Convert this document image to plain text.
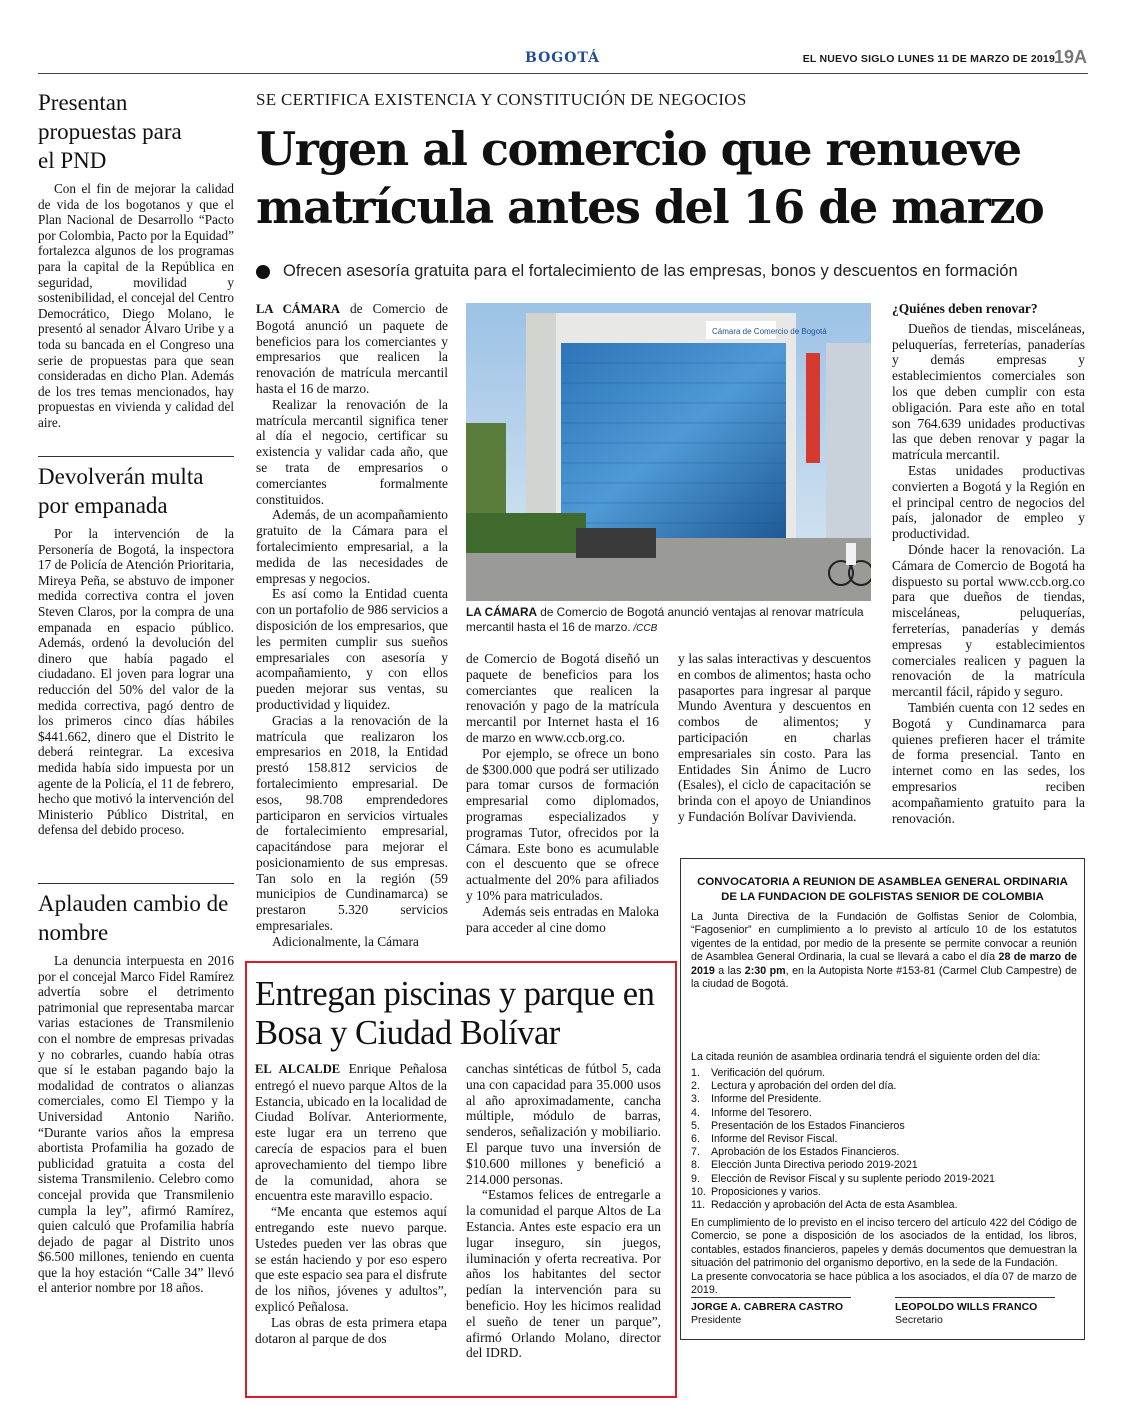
BOGOTÁ	EL NUEVO SIGLO LUNES 11 DE MARZO DE 2019
19A
Presentan propuestas para el PND

Con el fin de mejorar la calidad de vida de los bogotanos y que el Plan Nacional de Desarrollo “Pacto por Colombia, Pacto por la Equidad” fortalezca algunos de los programas para la capital de la República en seguridad, movilidad y sostenibilidad, el concejal del Centro Democrático, Diego Molano, le presentó al senador Álvaro Uribe y a toda su bancada en el Congreso una serie de propuestas para que sean consideradas en dicho Plan. Además de los tres temas mencionados, hay propuestas en vivienda y calidad del aire.

Devolverán multa por empanada

Por la intervención de la Personería de Bogotá, la inspectora 17 de Policía de Atención Prioritaria, Mireya Peña, se abstuvo de imponer medida correctiva contra el joven Steven Claros, por la compra de una empanada en espacio público. Además, ordenó la devolución del dinero que había pagado el ciudadano. El joven para lograr una reducción del 50% del valor de la medida correctiva, pagó dentro de los primeros cinco días hábiles $441.662, dinero que el Distrito le deberá reintegrar. La excesiva medida había sido impuesta por un agente de la Policía, el 11 de febrero, hecho que motivó la intervención del Ministerio Público Distrital, en defensa del debido proceso.

Aplauden cambio de nombre

La denuncia interpuesta en 2016 por el concejal Marco Fidel Ramírez advertía sobre el detrimento patrimonial que representaba marcar varias estaciones de Transmilenio con el nombre de empresas privadas y no cobrarles, cuando había otras que sí le estaban pagando bajo la modalidad de contratos o alianzas comerciales, como El Tiempo y la Universidad Antonio Nariño. “Durante varios años la empresa abortista Profamilia ha gozado de publicidad gratuita a costa del sistema Transmilenio. Celebro como concejal provida que Transmilenio cumpla la ley”, afirmó Ramírez, quien calculó que Profamilia habría dejado de pagar al Distrito unos $6.500 millones, teniendo en cuenta que la hoy estación “Calle 34” llevó el anterior nombre por 18 años.

SE CERTIFICA EXISTENCIA Y CONSTITUCIÓN DE NEGOCIOS
Urgen al comercio que renueve matrícula antes del 16 de marzo
Ofrecen asesoría gratuita para el fortalecimiento de las empresas, bonos y descuentos en formación

LA CÁMARA de Comercio de Bogotá anunció un paquete de beneficios para los comerciantes y empresarios que realicen la renovación de matrícula mercantil hasta el 16 de marzo.

Realizar la renovación de la matrícula mercantil significa tener al día el negocio, certificar su existencia y validar cada año, que se trata de empresarios o comerciantes formalmente constituidos.

Además, de un acompañamiento gratuito de la Cámara para el fortalecimiento empresarial, a la medida de las necesidades de empresas y negocios.

Es así como la Entidad cuenta con un portafolio de 986 servicios a disposición de los empresarios, que les permiten cumplir sus sueños empresariales con asesoría y acompañamiento, y con ellos pueden mejorar sus ventas, su productividad y liquidez.

Gracias a la renovación de la matrícula que realizaron los empresarios en 2018, la Entidad prestó 158.812 servicios de fortalecimiento empresarial. De esos, 98.708 emprendedores participaron en servicios virtuales de fortalecimiento empresarial, capacitándose para mejorar el posicionamiento de sus empresas. Tan solo en la región (59 municipios de Cundinamarca) se prestaron 5.320 servicios empresariales.

Adicionalmente, la Cámara

Cámara de Comercio de Bogotá
LA CÁMARA de Comercio de Bogotá anunció ventajas al renovar matrícula mercantil hasta el 16 de marzo. /CCB

de Comercio de Bogotá diseñó un paquete de beneficios para los comerciantes que realicen la renovación y pago de la matrícula mercantil por Internet hasta el 16 de marzo en www.ccb.org.co.

Por ejemplo, se ofrece un bono de $300.000 que podrá ser utilizado para tomar cursos de formación empresarial como diplomados, programas especializados y programas Tutor, ofrecidos por la Cámara. Este bono es acumulable con el descuento que se ofrece actualmente del 20% para afiliados y 10% para matriculados.

Además seis entradas en Maloka para acceder al cine domo

y las salas interactivas y descuentos en combos de alimentos; hasta ocho pasaportes para ingresar al parque Mundo Aventura y descuentos en combos de alimentos; y participación en charlas empresariales sin costo. Para las Entidades Sin Ánimo de Lucro (Esales), el ciclo de capacitación se brinda con el apoyo de Uniandinos y Fundación Bolívar Davivienda.

¿Quiénes deben renovar?

Dueños de tiendas, misceláneas, peluquerías, ferreterías, panaderías y demás empresas y establecimientos comerciales son los que deben cumplir con esta obligación. Para este año en total son 764.639 unidades productivas las que deben renovar y pagar la matrícula mercantil.

Estas unidades productivas convierten a Bogotá y la Región en el principal centro de negocios del país, jalonador de empleo y productividad.

Dónde hacer la renovación. La Cámara de Comercio de Bogotá ha dispuesto su portal www.ccb.org.co para que dueños de tiendas, misceláneas, peluquerías, ferreterías, panaderías y demás empresas y establecimientos comerciales realicen y paguen la renovación de la matrícula mercantil fácil, rápido y seguro.

También cuenta con 12 sedes en Bogotá y Cundinamarca para quienes prefieren hacer el trámite de forma presencial. Tanto en internet como en las sedes, los empresarios reciben acompañamiento gratuito para la renovación.

CONVOCATORIA A REUNION DE ASAMBLEA GENERAL ORDINARIA DE LA FUNDACION DE GOLFISTAS SENIOR DE COLOMBIA

La Junta Directiva de la Fundación de Golfistas Senior de Colombia, “Fagosenior” en cumplimiento a lo previsto al artículo 10 de los estatutos vigentes de la entidad, por medio de la presente se permite convocar a reunión de Asamblea General Ordinaria, la cual se llevará a cabo el día 28 de marzo de 2019 a las 2:30 pm, en la Autopista Norte #153-81 (Carmel Club Campestre) de la ciudad de Bogotá.

La citada reunión de asamblea ordinaria tendrá el siguiente orden del día:

1. Verificación del quórum.
2. Lectura y aprobación del orden del día.
3. Informe del Presidente.
4. Informe del Tesorero.
5. Presentación de los Estados Financieros
6. Informe del Revisor Fiscal.
7. Aprobación de los Estados Financieros.
8. Elección Junta Directiva periodo 2019-2021
9. Elección de Revisor Fiscal y su suplente periodo 2019-2021
10. Proposiciones y varios.
11. Redacción y aprobación del Acta de esta Asamblea.

En cumplimiento de lo previsto en el inciso tercero del artículo 422 del Código de Comercio, se pone a disposición de los asociados de la entidad, los libros, contables, estados financieros, papeles y demás documentos que demuestran la situación del patrimonio del organismo deportivo, en la sede de la Fundación.

La presente convocatoria se hace pública a los asociados, el día 07 de marzo de 2019.

JORGE A. CABRERA CASTRO
Presidente
LEOPOLDO WILLS FRANCO
Secretario
Entregan piscinas y parque en Bosa y Ciudad Bolívar

EL ALCALDE Enrique Peñalosa entregó el nuevo parque Altos de la Estancia, ubicado en la localidad de Ciudad Bolívar. Anteriormente, este lugar era un terreno que carecía de espacios para el buen aprovechamiento del tiempo libre de la comunidad, ahora se encuentra este maravillo espacio.

“Me encanta que estemos aquí entregando este nuevo parque. Ustedes pueden ver las obras que se están haciendo y por eso espero que este espacio sea para el disfrute de los niños, jóvenes y adultos”, explicó Peñalosa.

Las obras de esta primera etapa dotaron al parque de dos

canchas sintéticas de fútbol 5, cada una con capacidad para 35.000 usos al año aproximadamente, cancha múltiple, módulo de barras, senderos, señalización y mobiliario. El parque tuvo una inversión de $10.600 millones y benefició a 214.000 personas.

“Estamos felices de entregarle a la comunidad el parque Altos de La Estancia. Antes este espacio era un lugar inseguro, sin juegos, iluminación y oferta recreativa. Por años los habitantes del sector pedían la intervención para su beneficio. Hoy les hicimos realidad el sueño de tener un parque”, afirmó Orlando Molano, director del IDRD.
